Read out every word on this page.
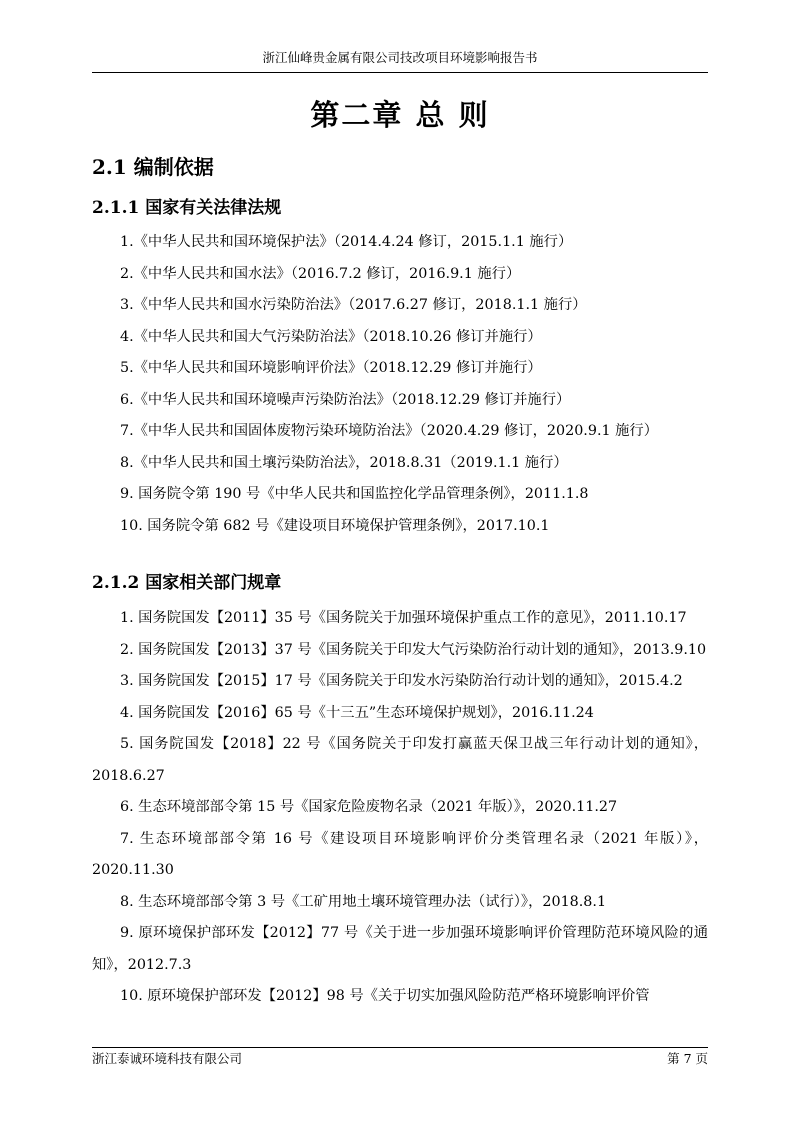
浙江仙峰贵金属有限公司技改项目环境影响报告书
第二章 总 则
2.1 编制依据
2.1.1 国家有关法律法规
1.《中华人民共和国环境保护法》（2014.4.24 修订，2015.1.1 施行）
2.《中华人民共和国水法》（2016.7.2 修订，2016.9.1 施行）
3.《中华人民共和国水污染防治法》（2017.6.27 修订，2018.1.1 施行）
4.《中华人民共和国大气污染防治法》（2018.10.26 修订并施行）
5.《中华人民共和国环境影响评价法》（2018.12.29 修订并施行）
6.《中华人民共和国环境噪声污染防治法》（2018.12.29 修订并施行）
7.《中华人民共和国固体废物污染环境防治法》（2020.4.29 修订，2020.9.1 施行）
8.《中华人民共和国土壤污染防治法》，2018.8.31（2019.1.1 施行）
9. 国务院令第 190 号《中华人民共和国监控化学品管理条例》，2011.1.8
10. 国务院令第 682 号《建设项目环境保护管理条例》，2017.10.1
2.1.2 国家相关部门规章
1. 国务院国发【2011】35 号《国务院关于加强环境保护重点工作的意见》，2011.10.17
2. 国务院国发【2013】37 号《国务院关于印发大气污染防治行动计划的通知》，2013.9.10
3. 国务院国发【2015】17 号《国务院关于印发水污染防治行动计划的通知》，2015.4.2
4. 国务院国发【2016】65 号《十三五”生态环境保护规划》，2016.11.24
5. 国务院国发【2018】22 号《国务院关于印发打赢蓝天保卫战三年行动计划的通知》，2018.6.27
6. 生态环境部部令第 15 号《国家危险废物名录（2021 年版）》，2020.11.27
7. 生态环境部部令第 16 号《建设项目环境影响评价分类管理名录（2021 年版）》，2020.11.30
8. 生态环境部部令第 3 号《工矿用地土壤环境管理办法（试行）》，2018.8.1
9. 原环境保护部环发【2012】77 号《关于进一步加强环境影响评价管理防范环境风险的通知》，2012.7.3
10. 原环境保护部环发【2012】98 号《关于切实加强风险防范严格环境影响评价管
浙江泰诚环境科技有限公司	第 7 页
